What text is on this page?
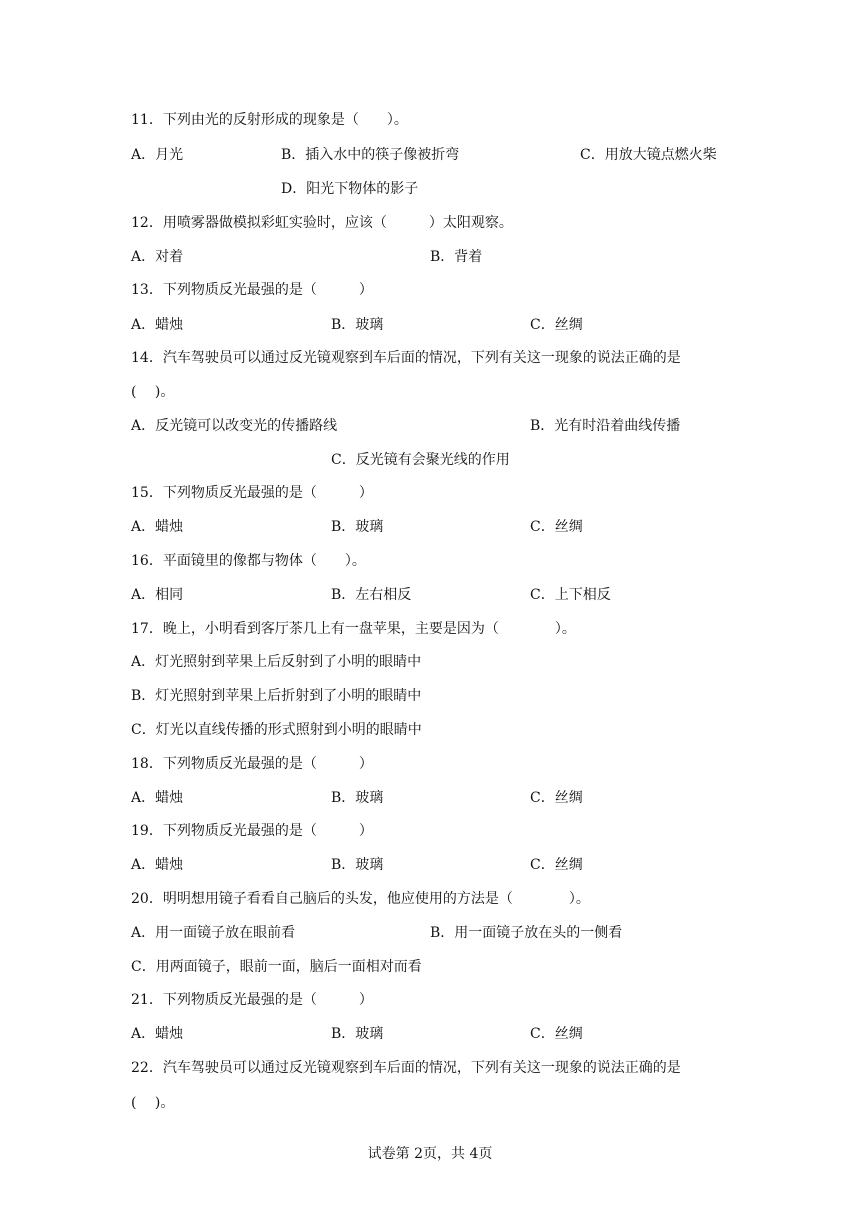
11．下列由光的反射形成的现象是（　　）。
A．月光	B．插入水中的筷子像被折弯	C．用放大镜点燃火柴
D．阳光下物体的影子
12．用喷雾器做模拟彩虹实验时，应该（　　　）太阳观察。
A．对着	B．背着
13．下列物质反光最强的是（　　　）
A．蜡烛	B．玻璃	C．丝绸
14．汽车驾驶员可以通过反光镜观察到车后面的情况，下列有关这一现象的说法正确的是
(　 )。
A．反光镜可以改变光的传播路线	B．光有时沿着曲线传播
C．反光镜有会聚光线的作用
15．下列物质反光最强的是（　　　）
A．蜡烛	B．玻璃	C．丝绸
16．平面镜里的像都与物体（　　）。
A．相同	B．左右相反	C．上下相反
17．晚上，小明看到客厅茶几上有一盘苹果，主要是因为（　　　　）。
A．灯光照射到苹果上后反射到了小明的眼睛中
B．灯光照射到苹果上后折射到了小明的眼睛中
C．灯光以直线传播的形式照射到小明的眼睛中
18．下列物质反光最强的是（　　　）
A．蜡烛	B．玻璃	C．丝绸
19．下列物质反光最强的是（　　　）
A．蜡烛	B．玻璃	C．丝绸
20．明明想用镜子看看自己脑后的头发，他应使用的方法是（　　　　）。
A．用一面镜子放在眼前看	B．用一面镜子放在头的一侧看
C．用两面镜子，眼前一面，脑后一面相对而看
21．下列物质反光最强的是（　　　）
A．蜡烛	B．玻璃	C．丝绸
22．汽车驾驶员可以通过反光镜观察到车后面的情况，下列有关这一现象的说法正确的是
(　 )。
试卷第 2页，共 4页
